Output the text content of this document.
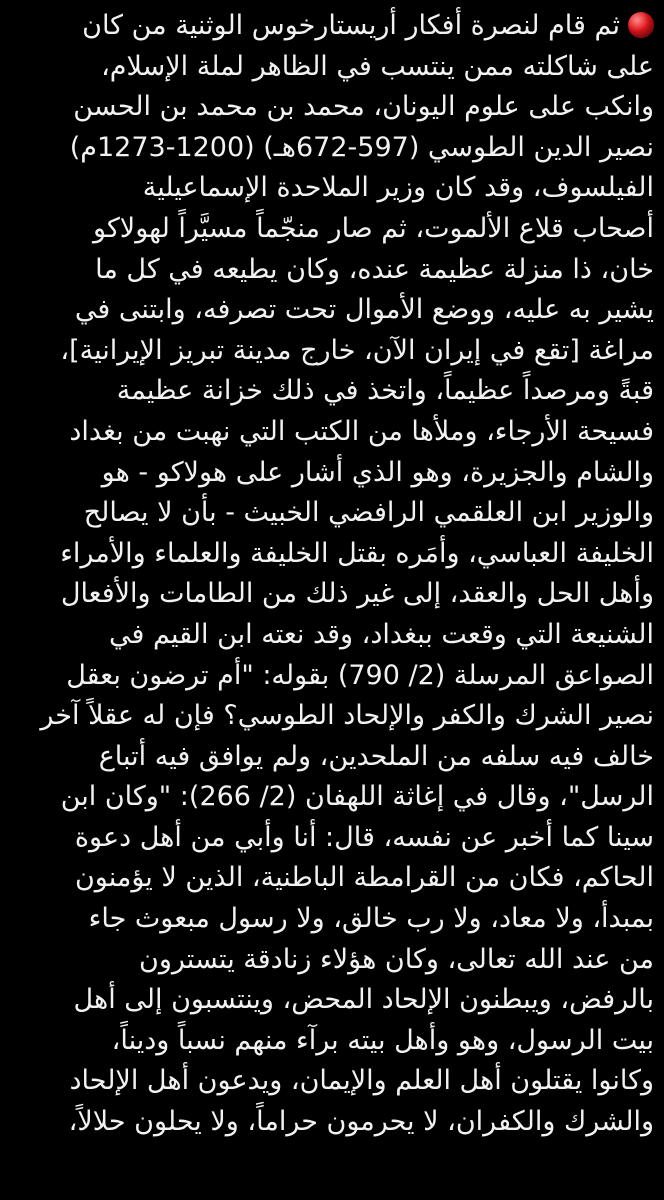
ثم قام لنصرة أفكار أريستارخوس الوثنية من كان
على شاكلته ممن ينتسب في الظاهر لملة الإسلام،
وانكب على علوم اليونان، محمد بن محمد بن الحسن
نصير الدين الطوسي (597-672هـ) (1200-1273م)
الفيلسوف، وقد كان وزير الملاحدة الإسماعيلية
أصحاب قلاع الألموت، ثم صار منجّماً مسيَّراً لهولاكو
خان، ذا منزلة عظيمة عنده، وكان يطيعه في كل ما
يشير به عليه، ووضع الأموال تحت تصرفه، وابتنى في
مراغة [تقع في إيران الآن، خارج مدينة تبريز الإيرانية]،
قبةً ومرصداً عظيماً، واتخذ في ذلك خزانة عظيمة
فسيحة الأرجاء، وملأها من الكتب التي نهبت من بغداد
والشام والجزيرة، وهو الذي أشار على هولاكو - هو
والوزير ابن العلقمي الرافضي الخبيث - بأن لا يصالح
الخليفة العباسي، وأمَره بقتل الخليفة والعلماء والأمراء
وأهل الحل والعقد، إلى غير ذلك من الطامات والأفعال
الشنيعة التي وقعت ببغداد، وقد نعته ابن القيم في
الصواعق المرسلة (2/ 790) بقوله: "أم ترضون بعقل
نصير الشرك والكفر والإلحاد الطوسي؟ فإن له عقلاً آخر
خالف فيه سلفه من الملحدين، ولم يوافق فيه أتباع
الرسل"، وقال في إغاثة اللهفان (2/ 266): "وكان ابن
سينا كما أخبر عن نفسه، قال: أنا وأبي من أهل دعوة
الحاكم، فكان من القرامطة الباطنية، الذين لا يؤمنون
بمبدأ، ولا معاد، ولا رب خالق، ولا رسول مبعوث جاء
من عند الله تعالى، وكان هؤلاء زنادقة يتسترون
بالرفض، ويبطنون الإلحاد المحض، وينتسبون إلى أهل
بيت الرسول، وهو وأهل بيته برآء منهم نسباً وديناً،
وكانوا يقتلون أهل العلم والإيمان، ويدعون أهل الإلحاد
والشرك والكفران، لا يحرمون حراماً، ولا يحلون حلالاً،
